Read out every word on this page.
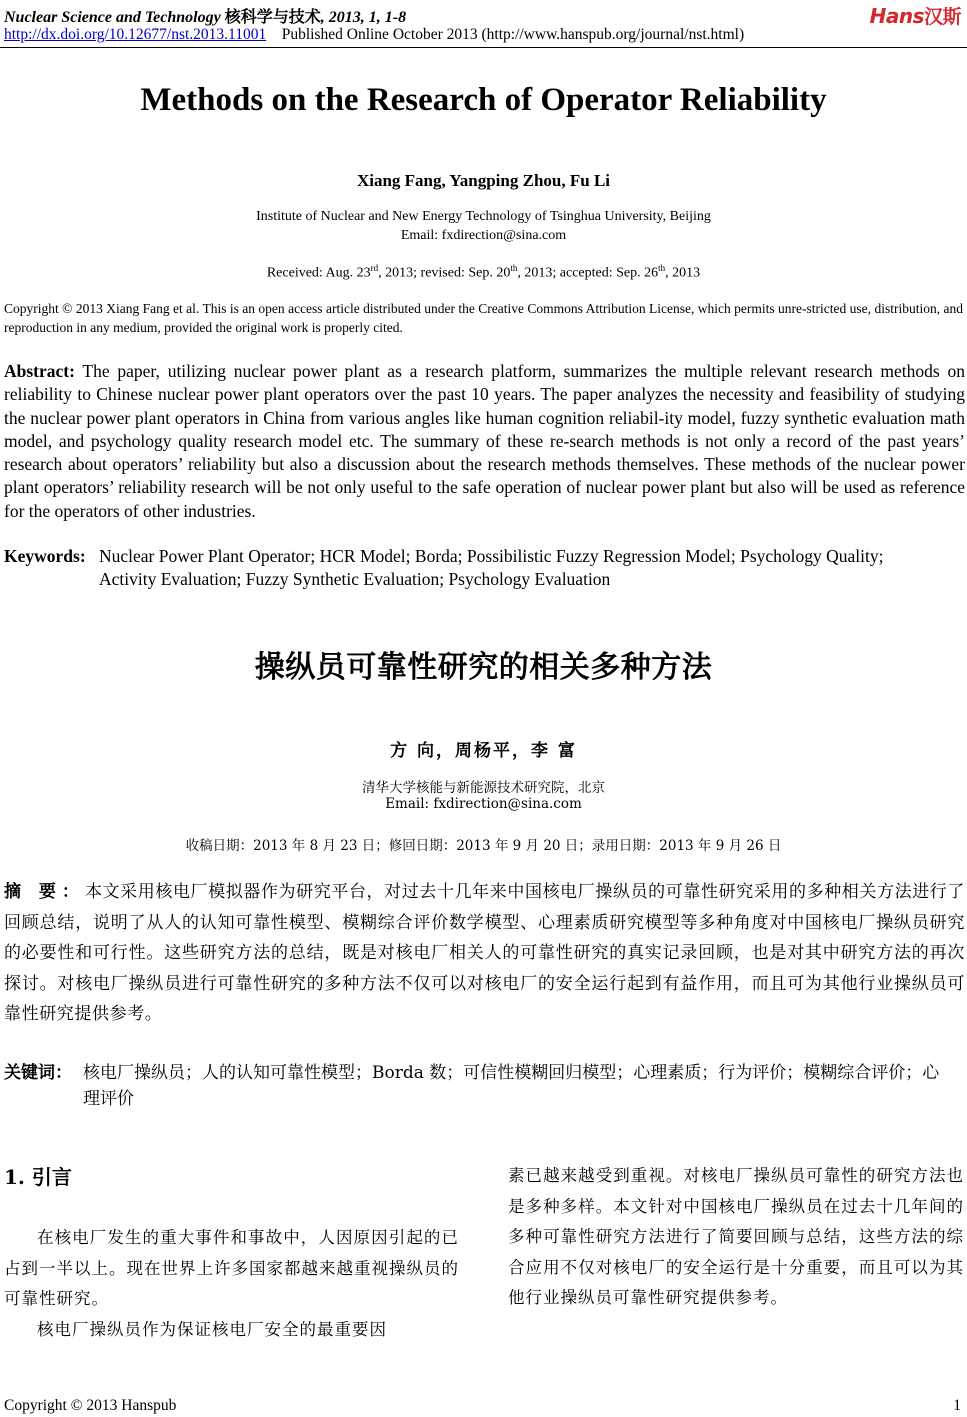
Nuclear Science and Technology 核科学与技术, 2013, 1, 1-8	Hans汉斯
http://dx.doi.org/10.12677/nst.2013.11001 Published Online October 2013 (http://www.hanspub.org/journal/nst.html)
Methods on the Research of Operator Reliability
Xiang Fang, Yangping Zhou, Fu Li
Institute of Nuclear and New Energy Technology of Tsinghua University, Beijing
Email: fxdirection@sina.com
Received: Aug. 23rd, 2013; revised: Sep. 20th, 2013; accepted: Sep. 26th, 2013
Copyright © 2013 Xiang Fang et al. This is an open access article distributed under the Creative Commons Attribution License, which permits unre-stricted use, distribution, and reproduction in any medium, provided the original work is properly cited.
Abstract: The paper, utilizing nuclear power plant as a research platform, summarizes the multiple relevant research methods on reliability to Chinese nuclear power plant operators over the past 10 years. The paper analyzes the necessity and feasibility of studying the nuclear power plant operators in China from various angles like human cognition reliabil-ity model, fuzzy synthetic evaluation math model, and psychology quality research model etc. The summary of these re-search methods is not only a record of the past years’ research about operators’ reliability but also a discussion about the research methods themselves. These methods of the nuclear power plant operators’ reliability research will be not only useful to the safe operation of nuclear power plant but also will be used as reference for the operators of other industries.
Keywords: Nuclear Power Plant Operator; HCR Model; Borda; Possibilistic Fuzzy Regression Model; Psychology Quality; Activity Evaluation; Fuzzy Synthetic Evaluation; Psychology Evaluation
操纵员可靠性研究的相关多种方法
方 向，周杨平，李 富
清华大学核能与新能源技术研究院，北京
Email: fxdirection@sina.com
收稿日期：2013 年 8 月 23 日；修回日期：2013 年 9 月 20 日；录用日期：2013 年 9 月 26 日
摘 要：本文采用核电厂模拟器作为研究平台，对过去十几年来中国核电厂操纵员的可靠性研究采用的多种相关方法进行了回顾总结，说明了从人的认知可靠性模型、模糊综合评价数学模型、心理素质研究模型等多种角度对中国核电厂操纵员研究的必要性和可行性。这些研究方法的总结，既是对核电厂相关人的可靠性研究的真实记录回顾，也是对其中研究方法的再次探讨。对核电厂操纵员进行可靠性研究的多种方法不仅可以对核电厂的安全运行起到有益作用，而且可为其他行业操纵员可靠性研究提供参考。
关键词： 核电厂操纵员；人的认知可靠性模型；Borda 数；可信性模糊回归模型；心理素质；行为评价；模糊综合评价；心理评价
1. 引言

在核电厂发生的重大事件和事故中，人因原因引起的已占到一半以上。现在世界上许多国家都越来越重视操纵员的可靠性研究。

核电厂操纵员作为保证核电厂安全的最重要因

素已越来越受到重视。对核电厂操纵员可靠性的研究方法也是多种多样。本文针对中国核电厂操纵员在过去十几年间的多种可靠性研究方法进行了简要回顾与总结，这些方法的综合应用不仅对核电厂的安全运行是十分重要，而且可以为其他行业操纵员可靠性研究提供参考。

Copyright © 2013 Hanspub	1
